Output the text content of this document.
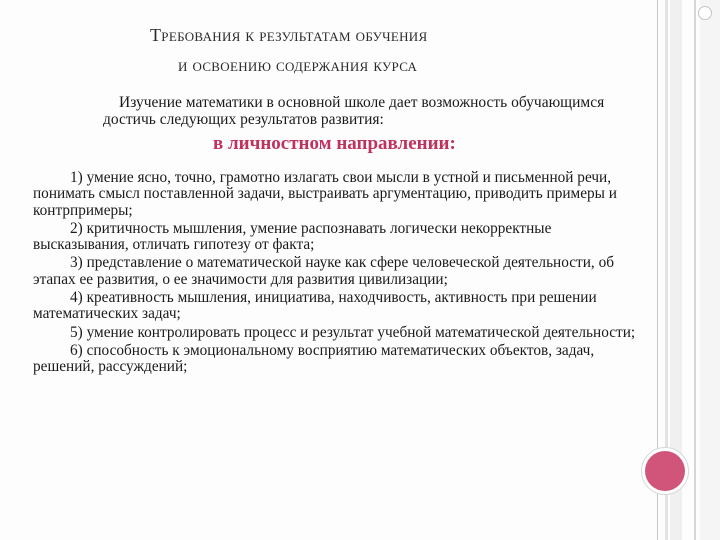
Требования к результатам обучения
и освоению содержания курса
Изучение математики в основной школе дает возможность обучающимся достичь следующих результатов развития:
в личностном направлении:
1) умение ясно, точно, грамотно излагать свои мысли в устной и письменной речи, понимать смысл поставленной задачи, выстраивать аргументацию, приводить примеры и контрпримеры;
2) критичность мышления, умение распознавать логически некорректные высказывания, отличать гипотезу от факта;
3) представление о математической науке как сфере человеческой деятельности, об этапах ее развития, о ее значимости для развития цивилизации;
4) креативность мышления, инициатива, находчивость, активность при решении математических задач;
5) умение контролировать процесс и результат учебной математической деятельности;
6) способность к эмоциональному восприятию математических объектов, задач, решений, рассуждений;
